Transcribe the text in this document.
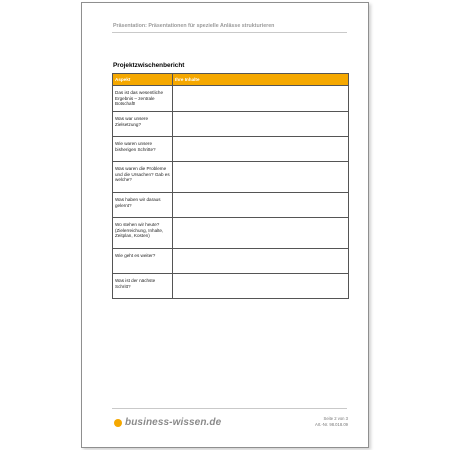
Präsentation: Präsentationen für spezielle Anlässe strukturieren
Projektzwischenbericht
Aspekt	Ihre Inhalte
Das ist das wesentliche Ergebnis – zentrale Botschaft!	
Was war unsere Zielsetzung?	
Wie waren unsere bisherigen Schritte?	
Was waren die Probleme und die Ursachen? Gab es welche?	
Was haben wir daraus gelernt?	
Wo stehen wir heute? (Zielerreichung, Inhalte, Zeitplan, Kosten)	
Wie geht es weiter?	
Was ist der nächste Schritt?	
business-wissen.de	Seite 2 von 3
Art.-Nr. 98.018.09
